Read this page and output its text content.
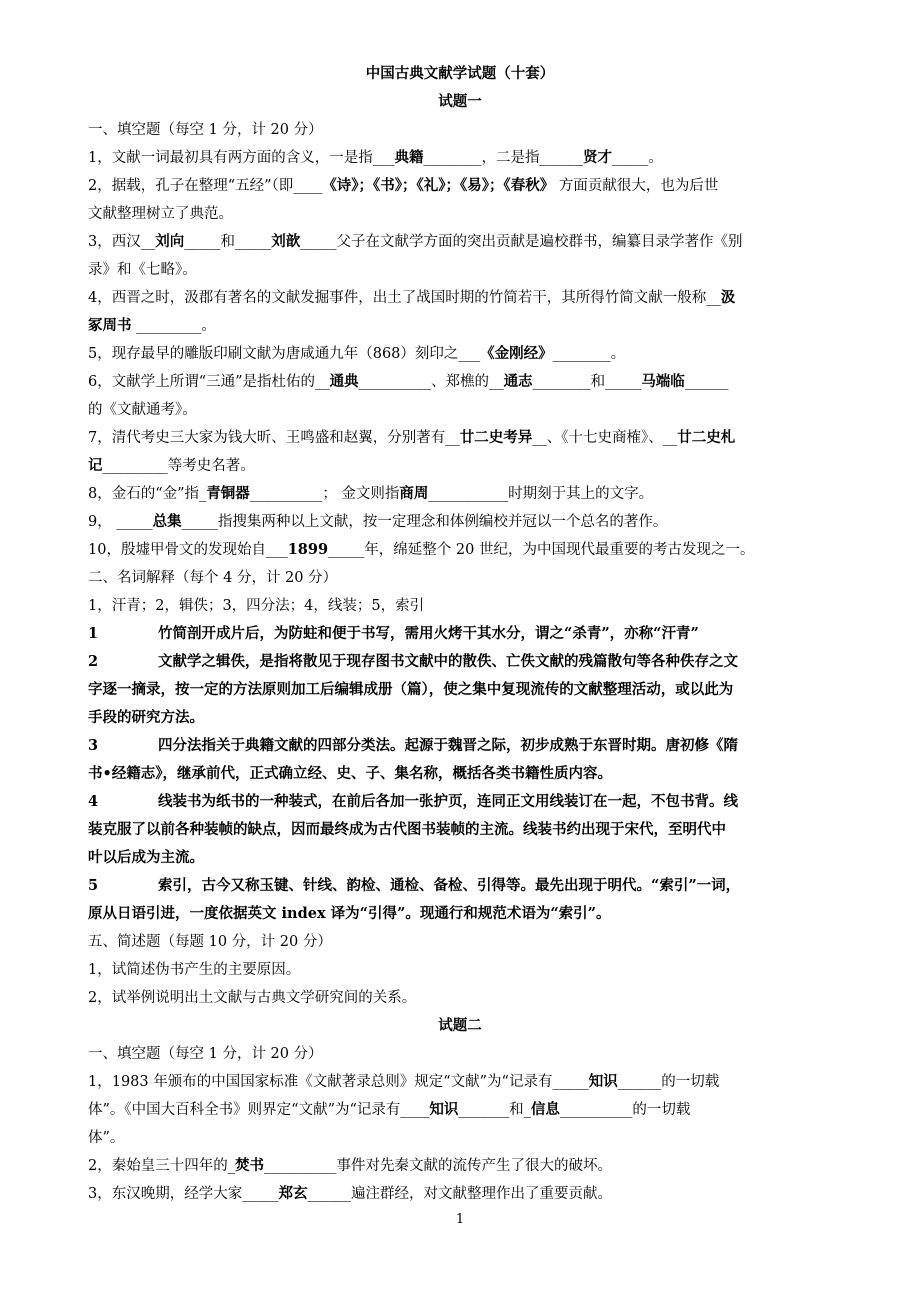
中国古典文献学试题（十套）
试题一
一、填空题（每空 1 分，计 20 分）
1，文献一词最初具有两方面的含义，一是指___典籍________，二是指______贤才_____。
2，据载，孔子在整理“五经”（即____《诗》；《书》；《礼》；《易》；《春秋》 方面贡献很大，也为后世
文献整理树立了典范。
3，西汉__刘向_____和_____刘歆_____父子在文献学方面的突出贡献是遍校群书，编纂目录学著作《别
录》和《七略》。
4，西晋之时，汲郡有著名的文献发掘事件，出土了战国时期的竹简若干，其所得竹简文献一般称__汲
冢周书 _________。
5，现存最早的雕版印刷文献为唐咸通九年（868）刻印之___《金刚经》________。
6，文献学上所谓“三通”是指杜佑的__通典__________、郑樵的__通志________和_____马端临______
的《文献通考》。
7，清代考史三大家为钱大昕、王鸣盛和赵翼，分别著有__廿二史考异__、《十七史商榷》、__廿二史札
记_________等考史名著。
8，金石的“金”指_青铜器__________； 金文则指商周___________时期刻于其上的文字。
9， _____总集_____指搜集两种以上文献，按一定理念和体例编校并冠以一个总名的著作。
10，殷墟甲骨文的发现始自___1899_____年，绵延整个 20 世纪，为中国现代最重要的考古发现之一。
二、名词解释（每个 4 分，计 20 分）
1，汗青；2，辑佚；3，四分法；4，线装；5，索引
1	竹简剖开成片后，为防蛀和便于书写，需用火烤干其水分，谓之“杀青”，亦称“汗青”
2	文献学之辑佚，是指将散见于现存图书文献中的散佚、亡佚文献的残篇散句等各种佚存之文
字逐一摘录，按一定的方法原则加工后编辑成册（篇），使之集中复现流传的文献整理活动，或以此为
手段的研究方法。
3	四分法指关于典籍文献的四部分类法。起源于魏晋之际，初步成熟于东晋时期。唐初修《隋
书•经籍志》，继承前代，正式确立经、史、子、集名称，概括各类书籍性质内容。
4	线装书为纸书的一种装式，在前后各加一张护页，连同正文用线装订在一起，不包书背。线
装克服了以前各种装帧的缺点，因而最终成为古代图书装帧的主流。线装书约出现于宋代，至明代中
叶以后成为主流。
5	索引，古今又称玉键、针线、韵检、通检、备检、引得等。最先出现于明代。“索引”一词，
原从日语引进，一度依据英文 index 译为“引得”。现通行和规范术语为“索引”。
五、简述题（每题 10 分，计 20 分）
1，试简述伪书产生的主要原因。
2，试举例说明出土文献与古典文学研究间的关系。
试题二
一、填空题（每空 1 分，计 20 分）
1，1983 年颁布的中国国家标准《文献著录总则》规定“文献”为“记录有_____知识______的一切载
体”。《中国大百科全书》则界定“文献”为“记录有____知识_______和_信息__________的一切载
体”。
2，秦始皇三十四年的_焚书__________事件对先秦文献的流传产生了很大的破坏。
3，东汉晚期，经学大家_____郑玄______遍注群经，对文献整理作出了重要贡献。
1
